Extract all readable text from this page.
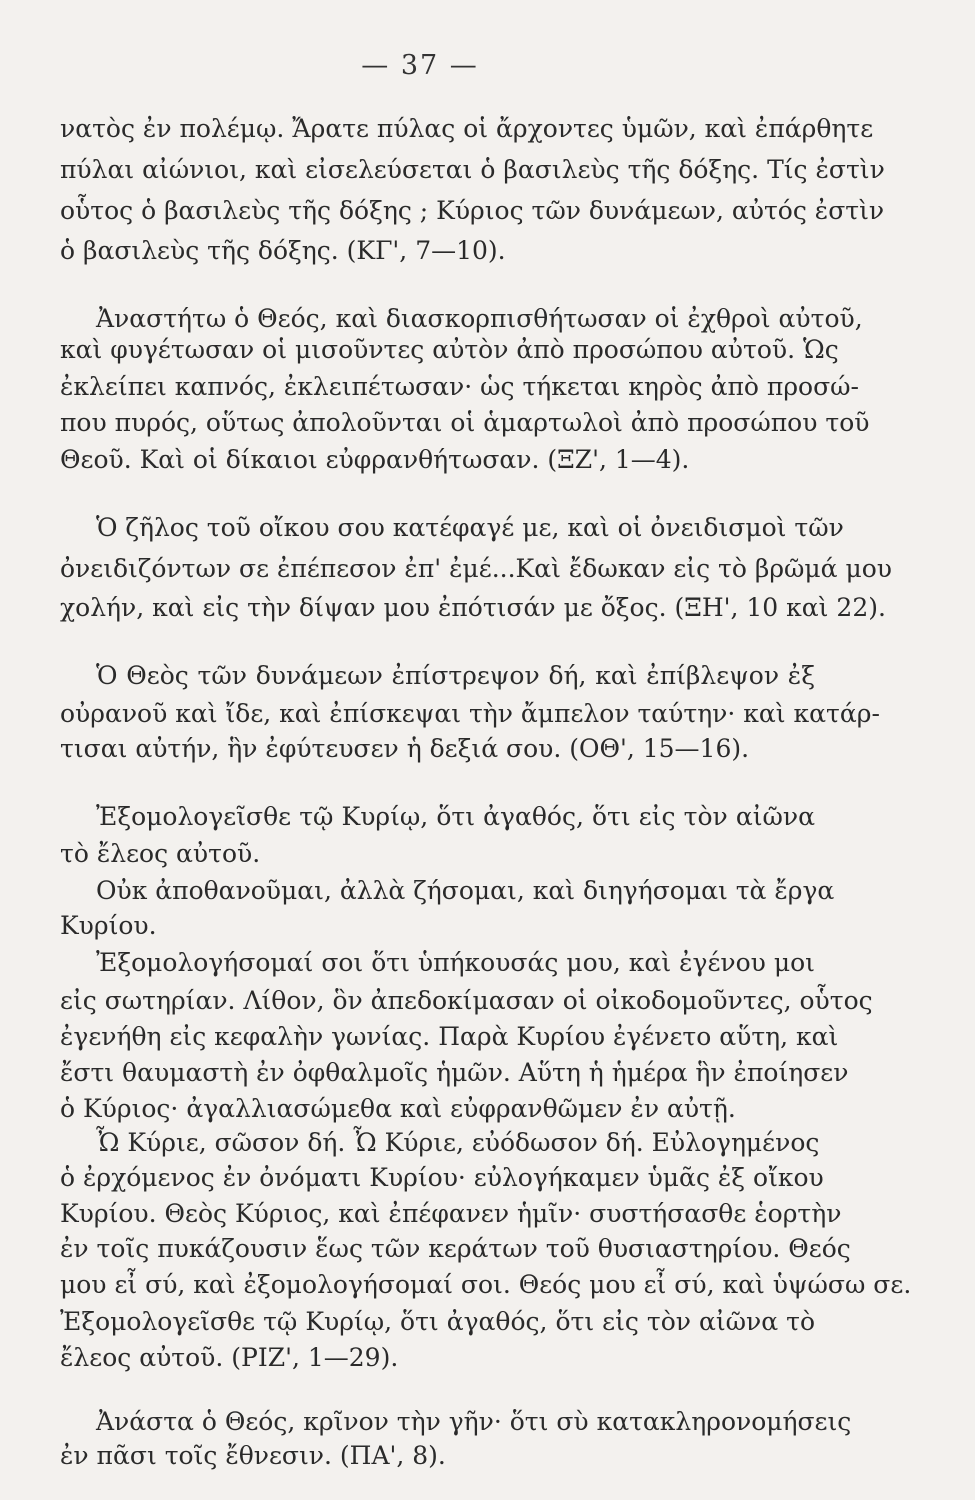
— 37 —
νατὸς ἐν πολέμῳ. Ἄρατε πύλας οἱ ἄρχοντες ὑμῶν, καὶ ἐπάρθητε
πύλαι αἰώνιοι, καὶ εἰσελεύσεται ὁ βασιλεὺς τῆς δόξης. Τίς ἐστὶν
οὗτος ὁ βασιλεὺς τῆς δόξης ; Κύριος τῶν δυνάμεων, αὐτός ἐστὶν
ὁ βασιλεὺς τῆς δόξης. (ΚΓ', 7—10).
Ἀναστήτω ὁ Θεός, καὶ διασκορπισθήτωσαν οἱ ἐχθροὶ αὐτοῦ,
καὶ φυγέτωσαν οἱ μισοῦντες αὐτὸν ἀπὸ προσώπου αὐτοῦ. Ὡς
ἐκλείπει καπνός, ἐκλειπέτωσαν· ὡς τήκεται κηρὸς ἀπὸ προσώ-
που πυρός, οὕτως ἀπολοῦνται οἱ ἁμαρτωλοὶ ἀπὸ προσώπου τοῦ
Θεοῦ. Καὶ οἱ δίκαιοι εὐφρανθήτωσαν. (ΞΖ', 1—4).
Ὁ ζῆλος τοῦ οἴκου σου κατέφαγέ με, καὶ οἱ ὀνειδισμοὶ τῶν
ὀνειδιζόντων σε ἐπέπεσον ἐπ' ἐμέ...Καὶ ἔδωκαν εἰς τὸ βρῶμά μου
χολήν, καὶ εἰς τὴν δίψαν μου ἐπότισάν με ὄξος. (ΞΗ', 10 καὶ 22).
Ὁ Θεὸς τῶν δυνάμεων ἐπίστρεψον δή, καὶ ἐπίβλεψον ἐξ
οὐρανοῦ καὶ ἴδε, καὶ ἐπίσκεψαι τὴν ἄμπελον ταύτην· καὶ κατάρ-
τισαι αὐτήν, ἣν ἐφύτευσεν ἡ δεξιά σου. (ΟΘ', 15—16).
Ἐξομολογεῖσθε τῷ Κυρίῳ, ὅτι ἀγαθός, ὅτι εἰς τὸν αἰῶνα
τὸ ἔλεος αὐτοῦ.
Οὐκ ἀποθανοῦμαι, ἀλλὰ ζήσομαι, καὶ διηγήσομαι τὰ ἔργα
Κυρίου.
Ἐξομολογήσομαί σοι ὅτι ὑπήκουσάς μου, καὶ ἐγένου μοι
εἰς σωτηρίαν. Λίθον, ὃν ἀπεδοκίμασαν οἱ οἰκοδομοῦντες, οὗτος
ἐγενήθη εἰς κεφαλὴν γωνίας. Παρὰ Κυρίου ἐγένετο αὕτη, καὶ
ἔστι θαυμαστὴ ἐν ὀφθαλμοῖς ἡμῶν. Αὕτη ἡ ἡμέρα ἣν ἐποίησεν
ὁ Κύριος· ἀγαλλιασώμεθα καὶ εὐφρανθῶμεν ἐν αὐτῇ.
Ὦ Κύριε, σῶσον δή. Ὦ Κύριε, εὐόδωσον δή. Εὐλογημένος
ὁ ἐρχόμενος ἐν ὀνόματι Κυρίου· εὐλογήκαμεν ὑμᾶς ἐξ οἴκου
Κυρίου. Θεὸς Κύριος, καὶ ἐπέφανεν ἡμῖν· συστήσασθε ἑορτὴν
ἐν τοῖς πυκάζουσιν ἕως τῶν κεράτων τοῦ θυσιαστηρίου. Θεός
μου εἶ σύ, καὶ ἐξομολογήσομαί σοι. Θεός μου εἶ σύ, καὶ ὑψώσω σε.
Ἐξομολογεῖσθε τῷ Κυρίῳ, ὅτι ἀγαθός, ὅτι εἰς τὸν αἰῶνα τὸ
ἔλεος αὐτοῦ. (ΡΙΖ', 1—29).
Ἀνάστα ὁ Θεός, κρῖνον τὴν γῆν· ὅτι σὺ κατακληρονομήσεις
ἐν πᾶσι τοῖς ἔθνεσιν. (ΠΑ', 8).
